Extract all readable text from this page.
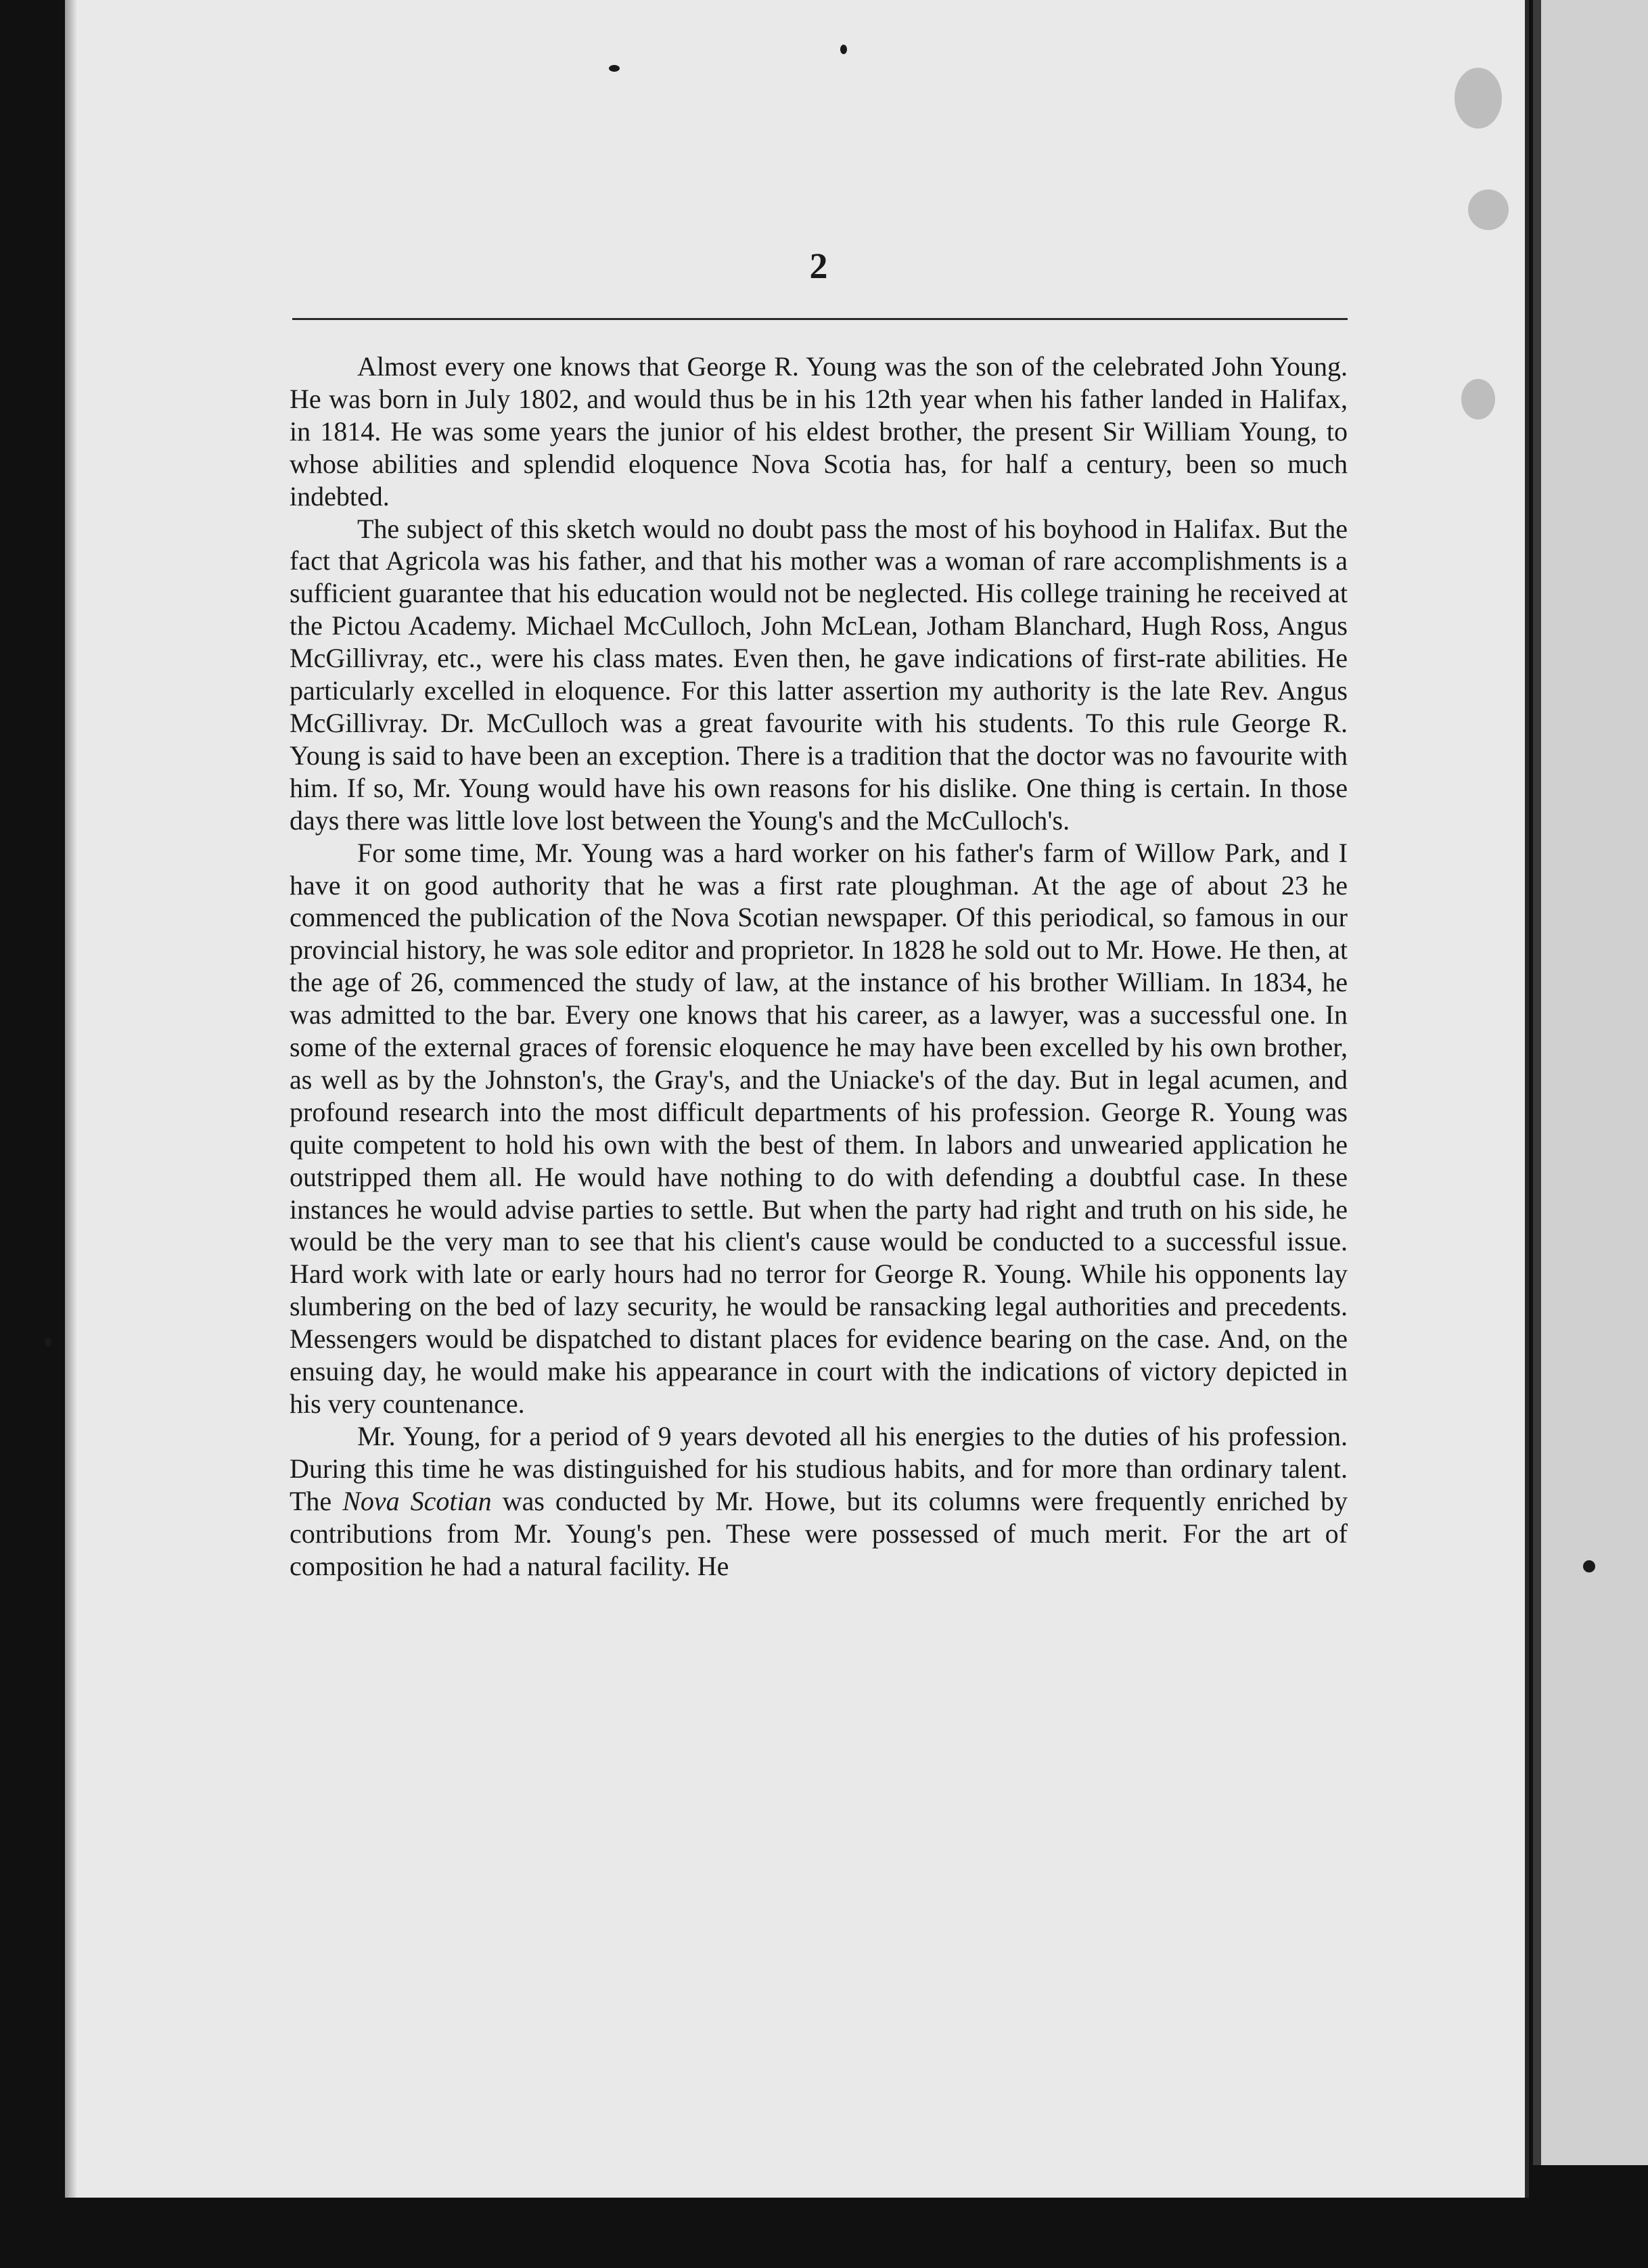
2

Almost every one knows that George R. Young was the son of the celebrated John Young. He was born in July 1802, and would thus be in his 12th year when his father landed in Halifax, in 1814. He was some years the junior of his eldest brother, the present Sir William Young, to whose abilities and splendid eloquence Nova Scotia has, for half a century, been so much indebted.

The subject of this sketch would no doubt pass the most of his boyhood in Halifax. But the fact that Agricola was his father, and that his mother was a woman of rare accomplishments is a sufficient guarantee that his education would not be neglected. His college training he received at the Pictou Academy. Michael McCulloch, John McLean, Jotham Blanchard, Hugh Ross, Angus McGillivray, etc., were his class mates. Even then, he gave indications of first-rate abilities. He particularly excelled in eloquence. For this latter assertion my authority is the late Rev. Angus McGillivray. Dr. McCulloch was a great favourite with his students. To this rule George R. Young is said to have been an exception. There is a tradition that the doctor was no favourite with him. If so, Mr. Young would have his own reasons for his dislike. One thing is certain. In those days there was little love lost between the Young's and the McCulloch's.

For some time, Mr. Young was a hard worker on his father's farm of Willow Park, and I have it on good authority that he was a first rate ploughman. At the age of about 23 he commenced the publication of the Nova Scotian newspaper. Of this periodical, so famous in our provincial history, he was sole editor and proprietor. In 1828 he sold out to Mr. Howe. He then, at the age of 26, commenced the study of law, at the instance of his brother William. In 1834, he was admitted to the bar. Every one knows that his career, as a lawyer, was a successful one. In some of the external graces of forensic eloquence he may have been excelled by his own brother, as well as by the Johnston's, the Gray's, and the Uniacke's of the day. But in legal acumen, and profound research into the most difficult departments of his profession. George R. Young was quite competent to hold his own with the best of them. In labors and unwearied application he outstripped them all. He would have nothing to do with defending a doubtful case. In these instances he would advise parties to settle. But when the party had right and truth on his side, he would be the very man to see that his client's cause would be conducted to a successful issue. Hard work with late or early hours had no terror for George R. Young. While his opponents lay slumbering on the bed of lazy security, he would be ransacking legal authorities and precedents. Messengers would be dispatched to distant places for evidence bearing on the case. And, on the ensuing day, he would make his appearance in court with the indications of victory depicted in his very countenance.

Mr. Young, for a period of 9 years devoted all his energies to the duties of his profession. During this time he was distinguished for his studious habits, and for more than ordinary talent. The Nova Scotian was conducted by Mr. Howe, but its columns were frequently enriched by contributions from Mr. Young's pen. These were possessed of much merit. For the art of composition he had a natural facility. He
